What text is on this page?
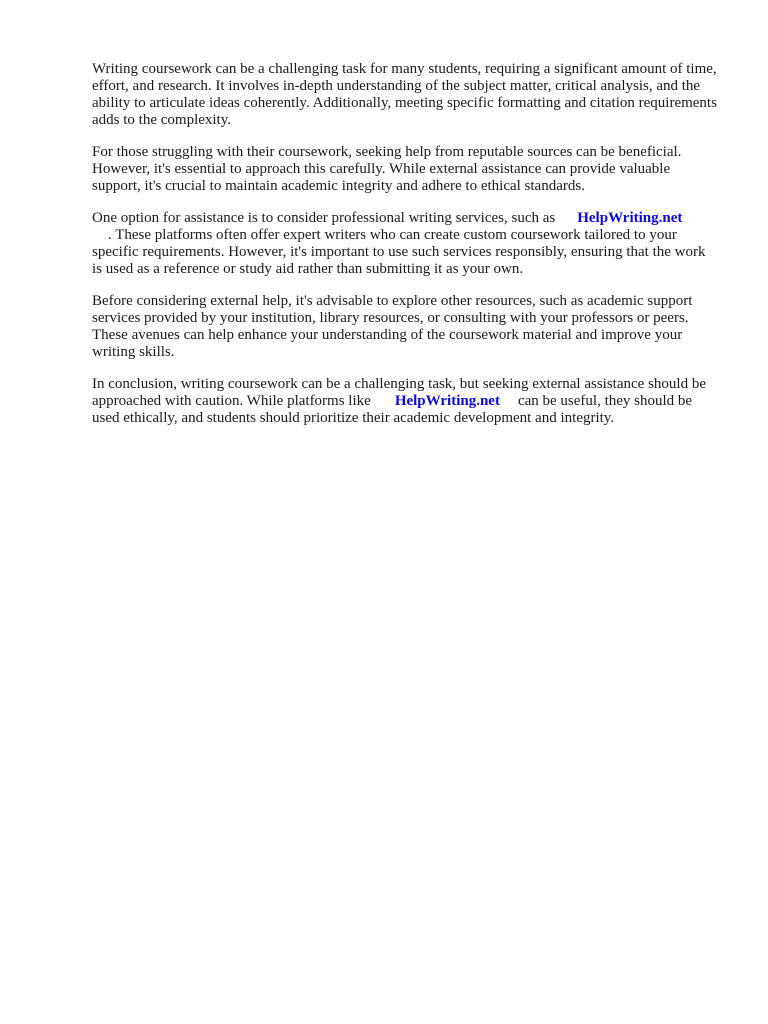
Writing coursework can be a challenging task for many students, requiring a significant amount of time, effort, and research. It involves in-depth understanding of the subject matter, critical analysis, and the ability to articulate ideas coherently. Additionally, meeting specific formatting and citation requirements adds to the complexity.

For those struggling with their coursework, seeking help from reputable sources can be beneficial. However, it's essential to approach this carefully. While external assistance can provide valuable support, it's crucial to maintain academic integrity and adhere to ethical standards.

One option for assistance is to consider professional writing services, such as HelpWriting.net
. These platforms often offer expert writers who can create custom coursework tailored to your specific requirements. However, it's important to use such services responsibly, ensuring that the work is used as a reference or study aid rather than submitting it as your own.

Before considering external help, it's advisable to explore other resources, such as academic support services provided by your institution, library resources, or consulting with your professors or peers. These avenues can help enhance your understanding of the coursework material and improve your writing skills.

In conclusion, writing coursework can be a challenging task, but seeking external assistance should be approached with caution. While platforms like HelpWriting.net can be useful, they should be used ethically, and students should prioritize their academic development and integrity.
